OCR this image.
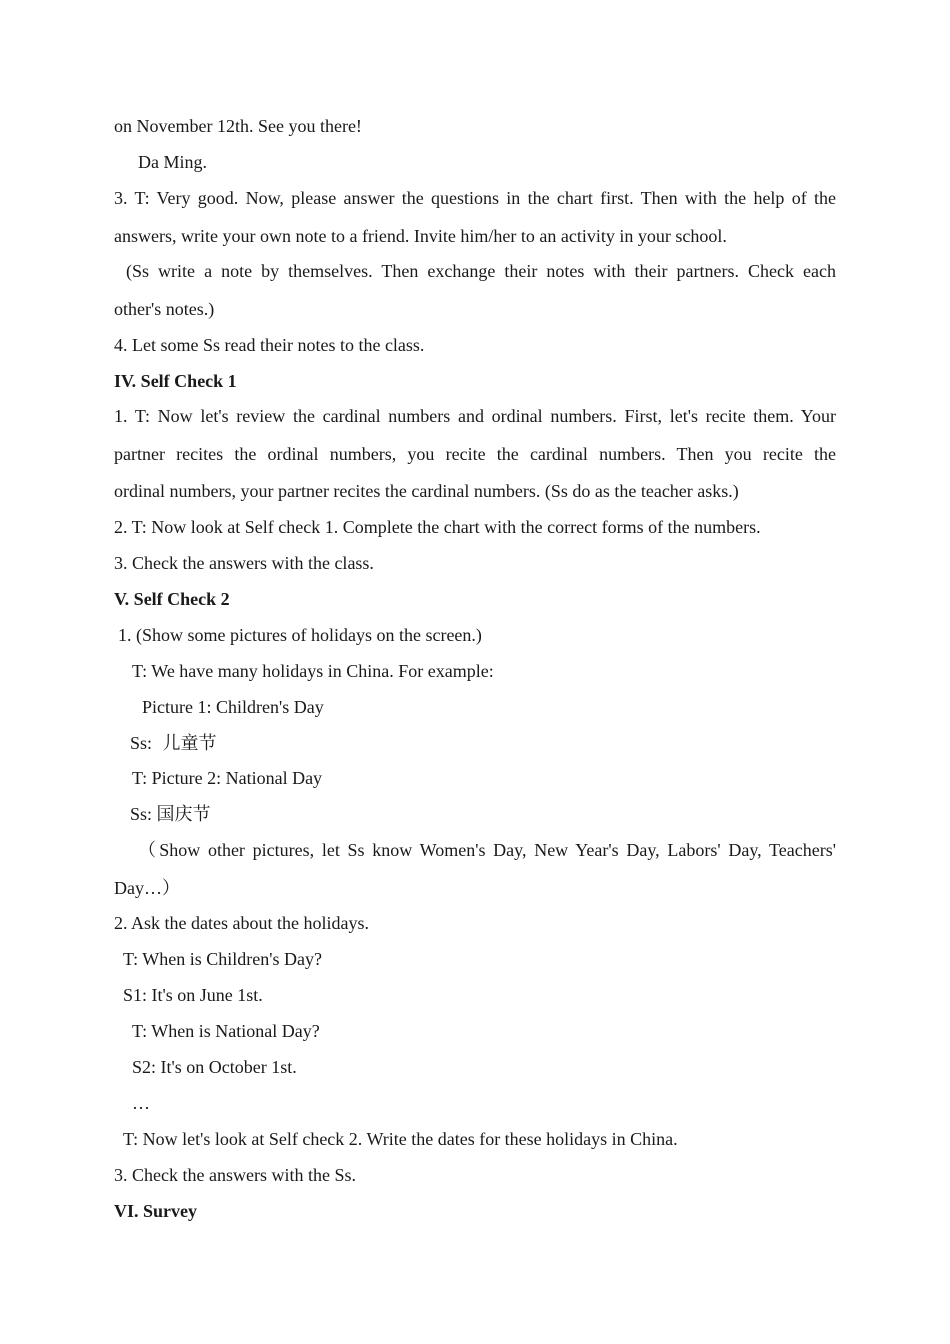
on November 12th. See you there!
Da Ming.
3. T: Very good. Now, please answer the questions in the chart first. Then with the help of the
answers, write your own note to a friend. Invite him/her to an activity in your school.
(Ss write a note by themselves. Then exchange their notes with their partners. Check each
other's notes.)
4. Let some Ss read their notes to the class.
IV. Self Check 1
1. T: Now let's review the cardinal numbers and ordinal numbers. First, let's recite them. Your
partner recites the ordinal numbers, you recite the cardinal numbers. Then you recite the
ordinal numbers, your partner recites the cardinal numbers. (Ss do as the teacher asks.)
2. T: Now look at Self check 1. Complete the chart with the correct forms of the numbers.
3. Check the answers with the class.
V. Self Check 2
1. (Show some pictures of holidays on the screen.)
T: We have many holidays in China. For example:
Picture 1: Children's Day
Ss: 儿童节
T: Picture 2: National Day
Ss: 国庆节
（Show other pictures, let Ss know Women's Day, New Year's Day, Labors' Day, Teachers'
Day…）
2. Ask the dates about the holidays.
T: When is Children's Day?
S1: It's on June 1st.
T: When is National Day?
S2: It's on October 1st.
…
T: Now let's look at Self check 2. Write the dates for these holidays in China.
3. Check the answers with the Ss.
VI. Survey
